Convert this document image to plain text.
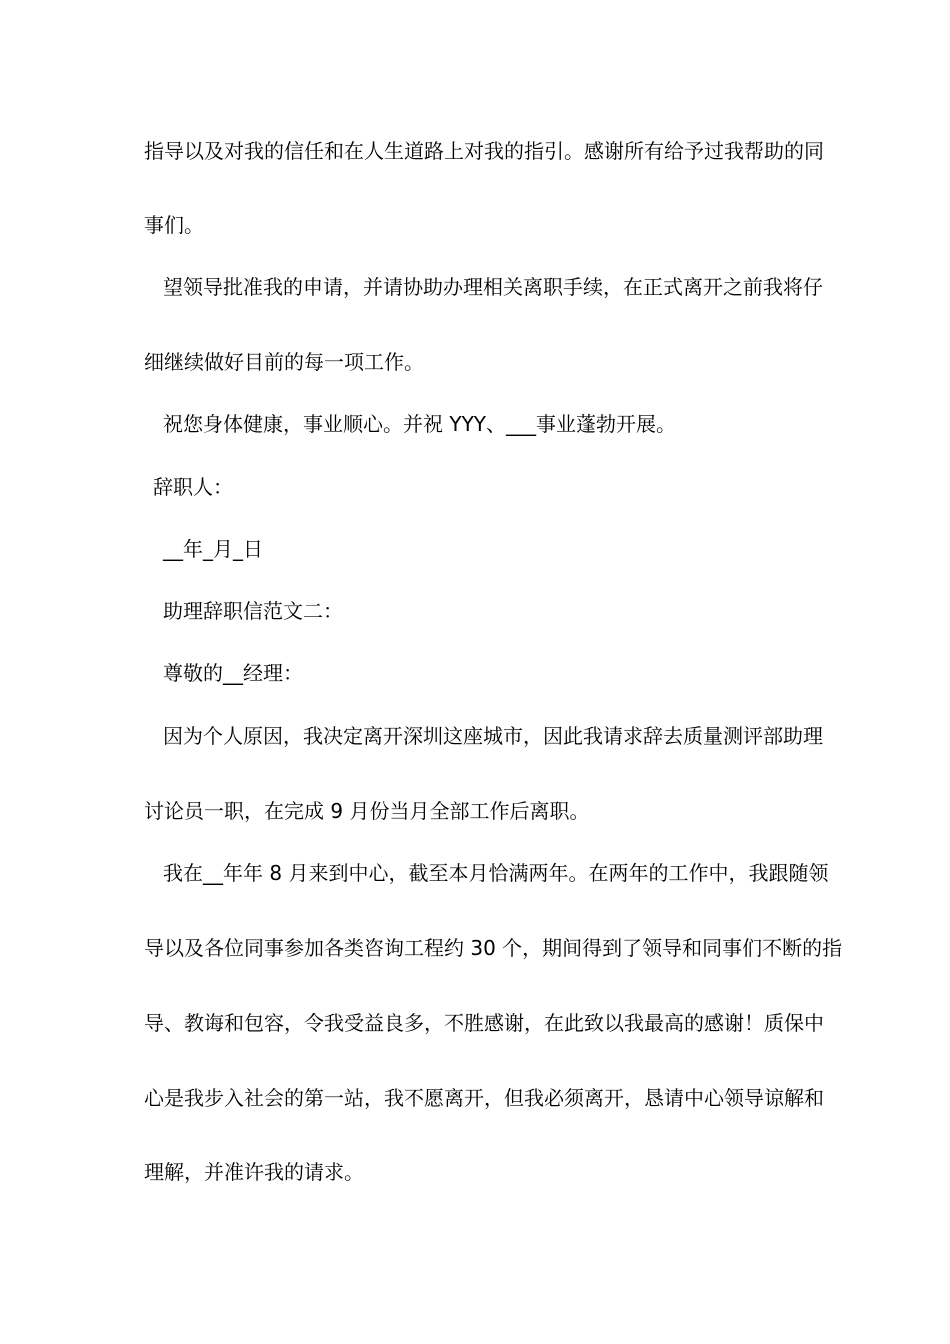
指导以及对我的信任和在人生道路上对我的指引。感谢所有给予过我帮助的同
事们。
望领导批准我的申请，并请协助办理相关离职手续，在正式离开之前我将仔
细继续做好目前的每一项工作。
祝您身体健康，事业顺心。并祝 YYY、___事业蓬勃开展。
辞职人：
__年_月_日
助理辞职信范文二：
尊敬的__经理：
因为个人原因，我决定离开深圳这座城市，因此我请求辞去质量测评部助理
讨论员一职，在完成 9 月份当月全部工作后离职。
我在__年年 8 月来到中心，截至本月恰满两年。在两年的工作中，我跟随领
导以及各位同事参加各类咨询工程约 30 个，期间得到了领导和同事们不断的指
导、教诲和包容，令我受益良多，不胜感谢，在此致以我最高的感谢！质保中
心是我步入社会的第一站，我不愿离开，但我必须离开，恳请中心领导谅解和
理解，并准许我的请求。
